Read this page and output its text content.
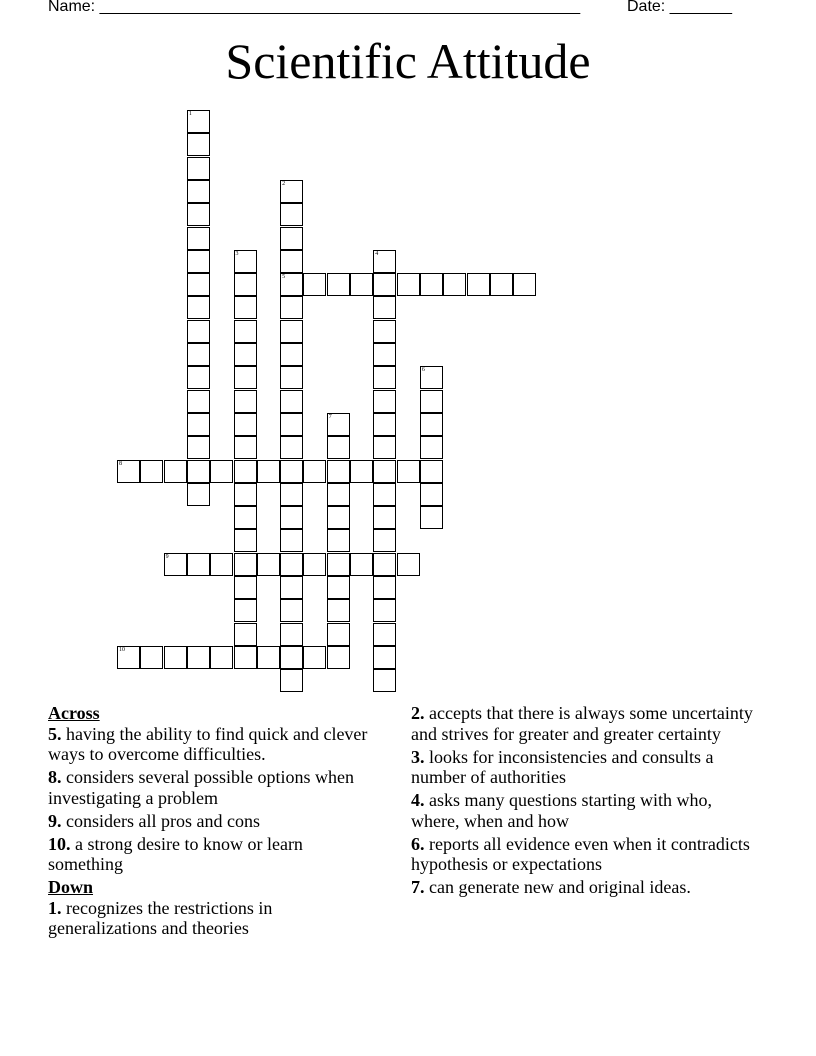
Name: ______________________________________________________	Date: _______
Scientific Attitude
1
2
5
3	4
6
7
8
9
10
Across
5. having the ability to find quick and clever ways to overcome difficulties.
8. considers several possible options when investigating a problem
9. considers all pros and cons
10. a strong desire to know or learn something
Down
1. recognizes the restrictions in generalizations and theories
2. accepts that there is always some uncertainty and strives for greater and greater certainty
3. looks for inconsistencies and consults a number of authorities
4. asks many questions starting with who, where, when and how
6. reports all evidence even when it contradicts hypothesis or expectations
7. can generate new and original ideas.
